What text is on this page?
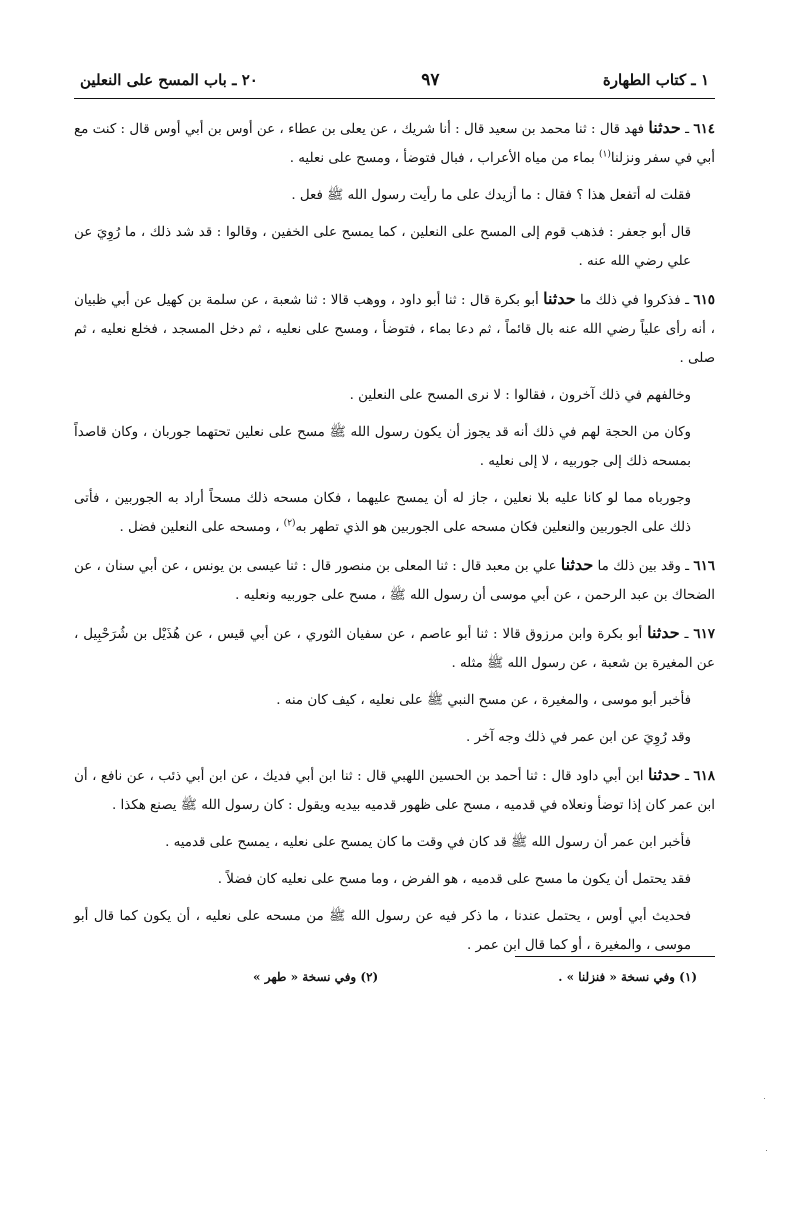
١ ـ كتاب الطهارة
٩٧
٢٠ ـ باب المسح على النعلين

٦١٤ ـ حدثنا فهد قال : ثنا محمد بن سعيد قال : أنا شريك ، عن يعلى بن عطاء ، عن أوس بن أبي أوس قال : كنت مع أبي في سفر ونزلنا$^{(١)}$ بماء من مياه الأعراب ، فبال فتوضأ ، ومسح على نعليه .

فقلت له أتفعل هذا ؟ فقال : ما أزيدك على ما رأيت رسول الله ﷺ فعل .

قال أبو جعفر : فذهب قوم إلى المسح على النعلين ، كما يمسح على الخفين ، وقالوا : قد شد ذلك ، ما رُوِيَ عن علي رضي الله عنه .

٦١٥ ـ فذكروا في ذلك ما حدثنا أبو بكرة قال : ثنا أبو داود ، ووهب قالا : ثنا شعبة ، عن سلمة بن كهيل عن أبي ظبيان ، أنه رأى علياً رضي الله عنه بال قائماً ، ثم دعا بماء ، فتوضأ ، ومسح على نعليه ، ثم دخل المسجد ، فخلع نعليه ، ثم صلى .

وخالفهم في ذلك آخرون ، فقالوا : لا نرى المسح على النعلين .

وكان من الحجة لهم في ذلك أنه قد يجوز أن يكون رسول الله ﷺ مسح على نعلين تحتهما جوربان ، وكان قاصداً بمسحه ذلك إلى جوربيه ، لا إلى نعليه .

وجورباه مما لو كانا عليه بلا نعلين ، جاز له أن يمسح عليهما ، فكان مسحه ذلك مسحاً أراد به الجوربين ، فأتى ذلك على الجوربين والنعلين فكان مسحه على الجوربين هو الذي تطهر به$^{(٢)}$ ، ومسحه على النعلين فضل .

٦١٦ ـ وقد بين ذلك ما حدثنا علي بن معبد قال : ثنا المعلى بن منصور قال : ثنا عيسى بن يونس ، عن أبي سنان ، عن الضحاك بن عبد الرحمن ، عن أبي موسى أن رسول الله ﷺ ، مسح على جوربيه ونعليه .

٦١٧ ـ حدثنا أبو بكرة وابن مرزوق قالا : ثنا أبو عاصم ، عن سفيان الثوري ، عن أبي قيس ، عن هُذَيْل بن شُرَحْبِيل ، عن المغيرة بن شعبة ، عن رسول الله ﷺ مثله .

فأخبر أبو موسى ، والمغيرة ، عن مسح النبي ﷺ على نعليه ، كيف كان منه .

وقد رُوِيَ عن ابن عمر في ذلك وجه آخر .

٦١٨ ـ حدثنا ابن أبي داود قال : ثنا أحمد بن الحسين اللهبي قال : ثنا ابن أبي فديك ، عن ابن أبي ذئب ، عن نافع ، أن ابن عمر كان إذا توضأ ونعلاه في قدميه ، مسح على ظهور قدميه بيديه ويقول : كان رسول الله ﷺ يصنع هكذا .

فأخبر ابن عمر أن رسول الله ﷺ قد كان في وقت ما كان يمسح على نعليه ، يمسح على قدميه .

فقد يحتمل أن يكون ما مسح على قدميه ، هو الفرض ، وما مسح على نعليه كان فضلاً .

فحديث أبي أوس ، يحتمل عندنا ، ما ذكر فيه عن رسول الله ﷺ من مسحه على نعليه ، أن يكون كما قال أبو موسى ، والمغيرة ، أو كما قال ابن عمر .

(١) وفي نسخة « فنزلنا » .
(٢) وفي نسخة « طهر »
